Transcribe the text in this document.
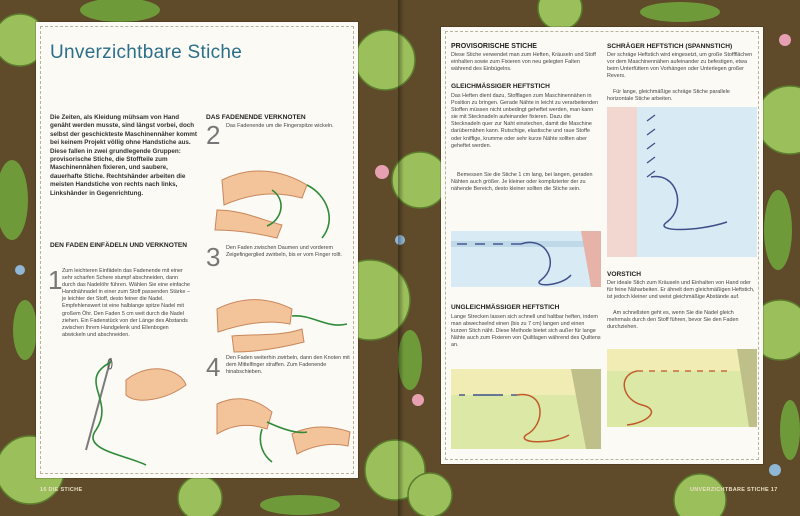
Unverzichtbare Stiche
Die Zeiten, als Kleidung mühsam von Hand genäht werden musste, sind längst vorbei, doch selbst der geschickteste Maschinennäher kommt bei keinem Projekt völlig ohne Handstiche aus. Diese fallen in zwei grundlegende Gruppen: provisorische Stiche, die Stoffteile zum Maschinennähen fixieren, und saubere, dauerhafte Stiche. Rechtshänder arbeiten die meisten Handstiche von rechts nach links, Linkshänder in Gegenrichtung.
DEN FADEN EINFÄDELN UND VERKNOTEN
1 Zum leichteren Einfädeln das Fadenende mit einer sehr scharfen Schere stumpf abschneiden, dann durch das Nadelöhr führen. Wählen Sie eine einfache Handnähnadel in einer zum Stoff passenden Stärke – je leichter der Stoff, desto feiner die Nadel. Empfehlenswert ist eine halblange spitze Nadel mit großem Öhr. Den Faden 5 cm weit durch die Nadel ziehen. Ein Fadenstück von der Länge des Abstands zwischen Ihrem Handgelenk und Ellenbogen abwickeln und abschneiden.
DAS FADENENDE VERKNOTEN
2 Das Fadenende um die Fingerspitze wickeln.
3 Den Faden zwischen Daumen und vorderem Zeigefingerglied zwirbeln, bis er vom Finger rollt.
4 Den Faden weiterhin zwirbeln, dann den Knoten mit dem Mittelfinger straffen. Zum Fadenende hinabschieben.
16 DIE STICHE
PROVISORISCHE STICHE
Diese Stiche verwendet man zum Heften, Kräuseln und Stoff einhalten sowie zum Fixieren von neu gelegten Falten während des Einbügelns.
GLEICHMÄSSIGER HEFTSTICH
Das Heften dient dazu, Stofflagen zum Maschinennähen in Position zu bringen. Gerade Nähte in leicht zu verarbeitenden Stoffen müssen nicht unbedingt geheftet werden, man kann sie mit Stecknadeln aufeinander fixieren. Dazu die Stecknadeln quer zur Naht einstechen, damit die Maschine darübernähen kann. Rutschige, elastische und raue Stoffe oder kniffige, krumme oder sehr kurze Nähte sollten aber geheftet werden.
Bemessen Sie die Stiche 1 cm lang, bei langen, geraden Nähten auch größer. Je kleiner oder komplizierter der zu nähende Bereich, desto kleiner sollten die Stiche sein.
UNGLEICHMÄSSIGER HEFTSTICH
Lange Strecken lassen sich schnell und haltbar heften, indem man abwechselnd einen (bis zu 7 cm) langen und einen kurzen Stich näht. Diese Methode bietet sich außer für lange Nähte auch zum Fixieren von Quiltlagen während des Quiltens an.
SCHRÄGER HEFTSTICH (SPANNSTICH)
Der schräge Heftstich wird eingesetzt, um große Stoffflächen vor dem Maschinennähen aufeinander zu befestigen, etwa beim Unterfüttern von Vorhängen oder Unterlegen großer Revers.
Für lange, gleichmäßige schräge Stiche parallele horizontale Stiche arbeiten.
VORSTICH
Der ideale Stich zum Kräuseln und Einhalten von Hand oder für feine Näharbeiten. Er ähnelt dem gleichmäßigen Heftstich, ist jedoch kleiner und weist gleichmäßige Abstände auf.
Am schnellsten geht es, wenn Sie die Nadel gleich mehrmals durch den Stoff führen, bevor Sie den Faden durchziehen.
UNVERZICHTBARE STICHE 17
